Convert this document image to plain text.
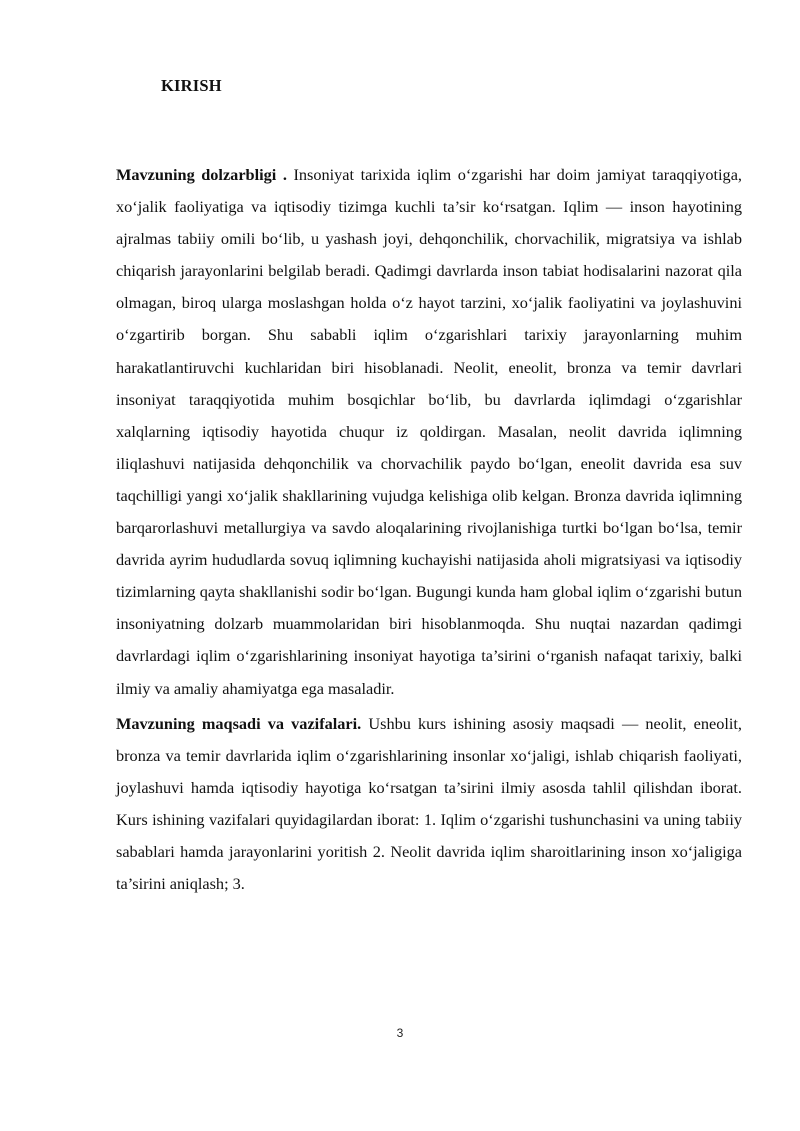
KIRISH

Mavzuning dolzarbligi . Insoniyat tarixida iqlim o‘zgarishi har doim jamiyat taraqqiyotiga, xo‘jalik faoliyatiga va iqtisodiy tizimga kuchli ta’sir ko‘rsatgan. Iqlim — inson hayotining ajralmas tabiiy omili bo‘lib, u yashash joyi, dehqonchilik, chorvachilik, migratsiya va ishlab chiqarish jarayonlarini belgilab beradi. Qadimgi davrlarda inson tabiat hodisalarini nazorat qila olmagan, biroq ularga moslashgan holda o‘z hayot tarzini, xo‘jalik faoliyatini va joylashuvini o‘zgartirib borgan. Shu sababli iqlim o‘zgarishlari tarixiy jarayonlarning muhim harakatlantiruvchi kuchlaridan biri hisoblanadi. Neolit, eneolit, bronza va temir davrlari insoniyat taraqqiyotida muhim bosqichlar bo‘lib, bu davrlarda iqlimdagi o‘zgarishlar xalqlarning iqtisodiy hayotida chuqur iz qoldirgan. Masalan, neolit davrida iqlimning iliqlashuvi natijasida dehqonchilik va chorvachilik paydo bo‘lgan, eneolit davrida esa suv taqchilligi yangi xo‘jalik shakllarining vujudga kelishiga olib kelgan. Bronza davrida iqlimning barqarorlashuvi metallurgiya va savdo aloqalarining rivojlanishiga turtki bo‘lgan bo‘lsa, temir davrida ayrim hududlarda sovuq iqlimning kuchayishi natijasida aholi migratsiyasi va iqtisodiy tizimlarning qayta shakllanishi sodir bo‘lgan. Bugungi kunda ham global iqlim o‘zgarishi butun insoniyatning dolzarb muammolaridan biri hisoblanmoqda. Shu nuqtai nazardan qadimgi davrlardagi iqlim o‘zgarishlarining insoniyat hayotiga ta’sirini o‘rganish nafaqat tarixiy, balki ilmiy va amaliy ahamiyatga ega masaladir.

Mavzuning maqsadi va vazifalari. Ushbu kurs ishining asosiy maqsadi — neolit, eneolit, bronza va temir davrlarida iqlim o‘zgarishlarining insonlar xo‘jaligi, ishlab chiqarish faoliyati, joylashuvi hamda iqtisodiy hayotiga ko‘rsatgan ta’sirini ilmiy asosda tahlil qilishdan iborat. Kurs ishining vazifalari quyidagilardan iborat: 1. Iqlim o‘zgarishi tushunchasini va uning tabiiy sabablari hamda jarayonlarini yoritish 2. Neolit davrida iqlim sharoitlarining inson xo‘jaligiga ta’sirini aniqlash; 3.

3
